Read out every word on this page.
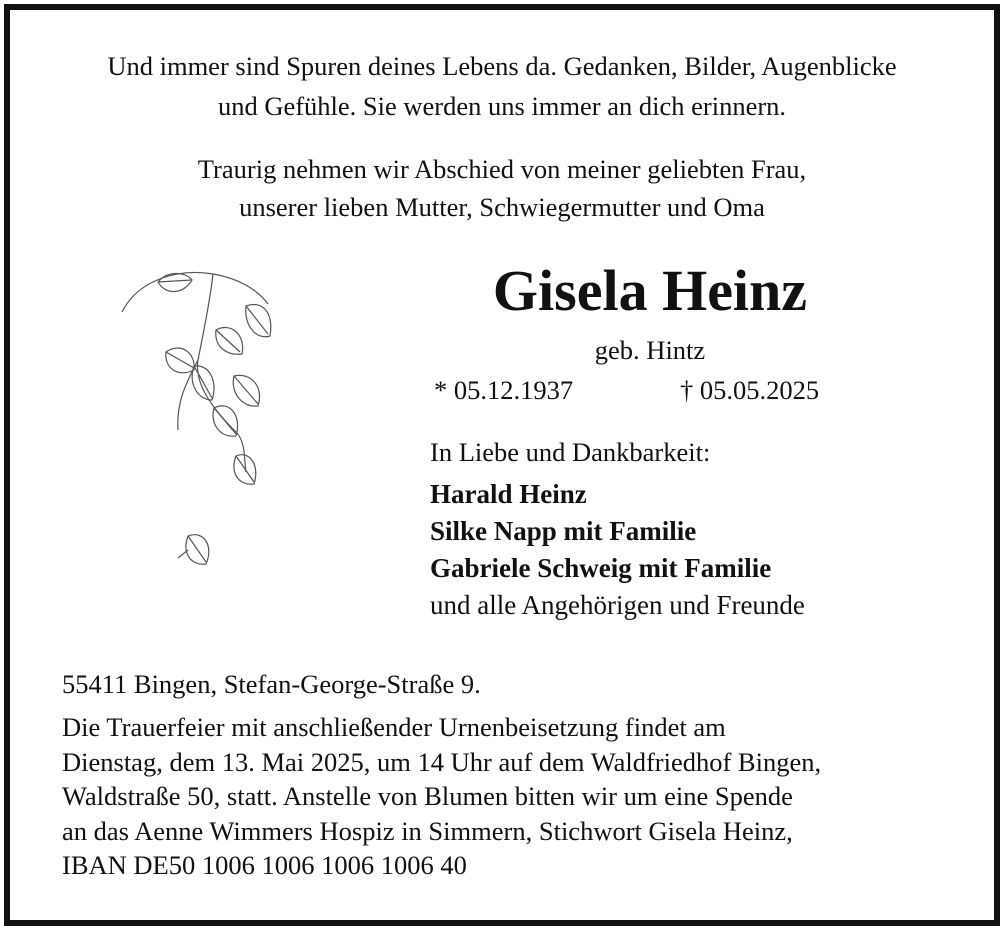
Und immer sind Spuren deines Lebens da. Gedanken, Bilder, Augenblicke
und Gefühle. Sie werden uns immer an dich erinnern.
Traurig nehmen wir Abschied von meiner geliebten Frau,
unserer lieben Mutter, Schwiegermutter und Oma
Gisela Heinz
geb. Hintz
* 05.12.1937	† 05.05.2025
In Liebe und Dankbarkeit:
Harald Heinz
Silke Napp mit Familie
Gabriele Schweig mit Familie
und alle Angehörigen und Freunde
55411 Bingen, Stefan-George-Straße 9.
Die Trauerfeier mit anschließender Urnenbeisetzung findet am
Dienstag, dem 13. Mai 2025, um 14 Uhr auf dem Waldfriedhof Bingen,
Waldstraße 50, statt. Anstelle von Blumen bitten wir um eine Spende
an das Aenne Wimmers Hospiz in Simmern, Stichwort Gisela Heinz,
IBAN DE50 1006 1006 1006 1006 40
